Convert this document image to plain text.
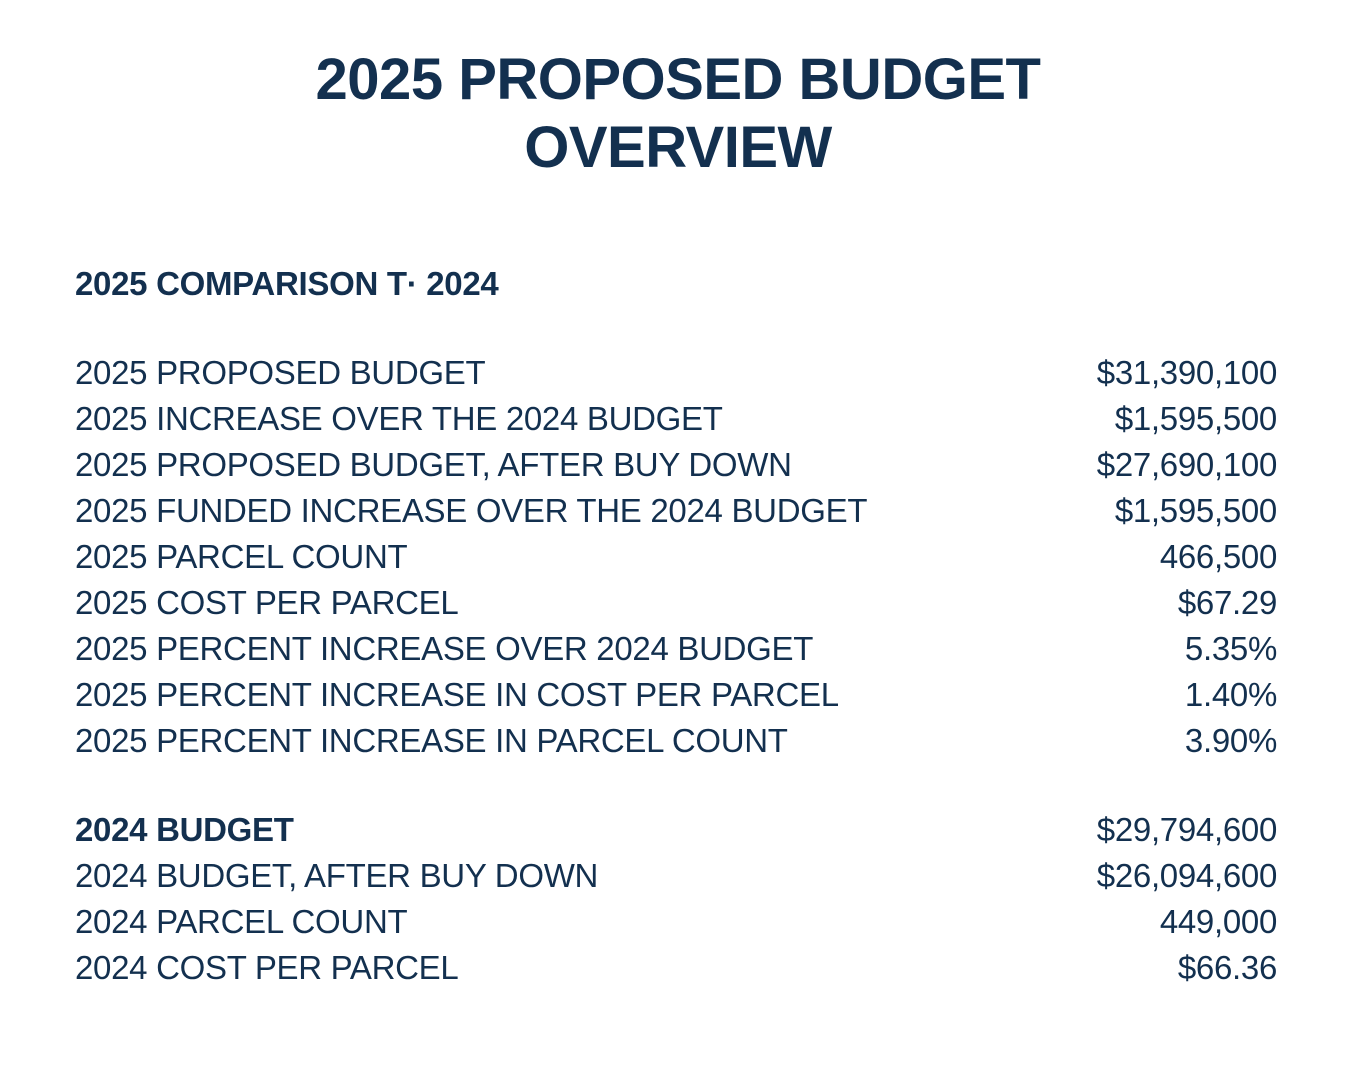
2025 PROPOSED BUDGET
OVERVIEW
2025 COMPARISON T· 2024
2025 PROPOSED BUDGET	$31,390,100
2025 INCREASE OVER THE 2024 BUDGET	$1,595,500
2025 PROPOSED BUDGET, AFTER BUY DOWN	$27,690,100
2025 FUNDED INCREASE OVER THE 2024 BUDGET	$1,595,500
2025 PARCEL COUNT	466,500
2025 COST PER PARCEL	$67.29
2025 PERCENT INCREASE OVER 2024 BUDGET	5.35%
2025 PERCENT INCREASE IN COST PER PARCEL	1.40%
2025 PERCENT INCREASE IN PARCEL COUNT	3.90%
2024 BUDGET	$29,794,600
2024 BUDGET, AFTER BUY DOWN	$26,094,600
2024 PARCEL COUNT	449,000
2024 COST PER PARCEL	$66.36
